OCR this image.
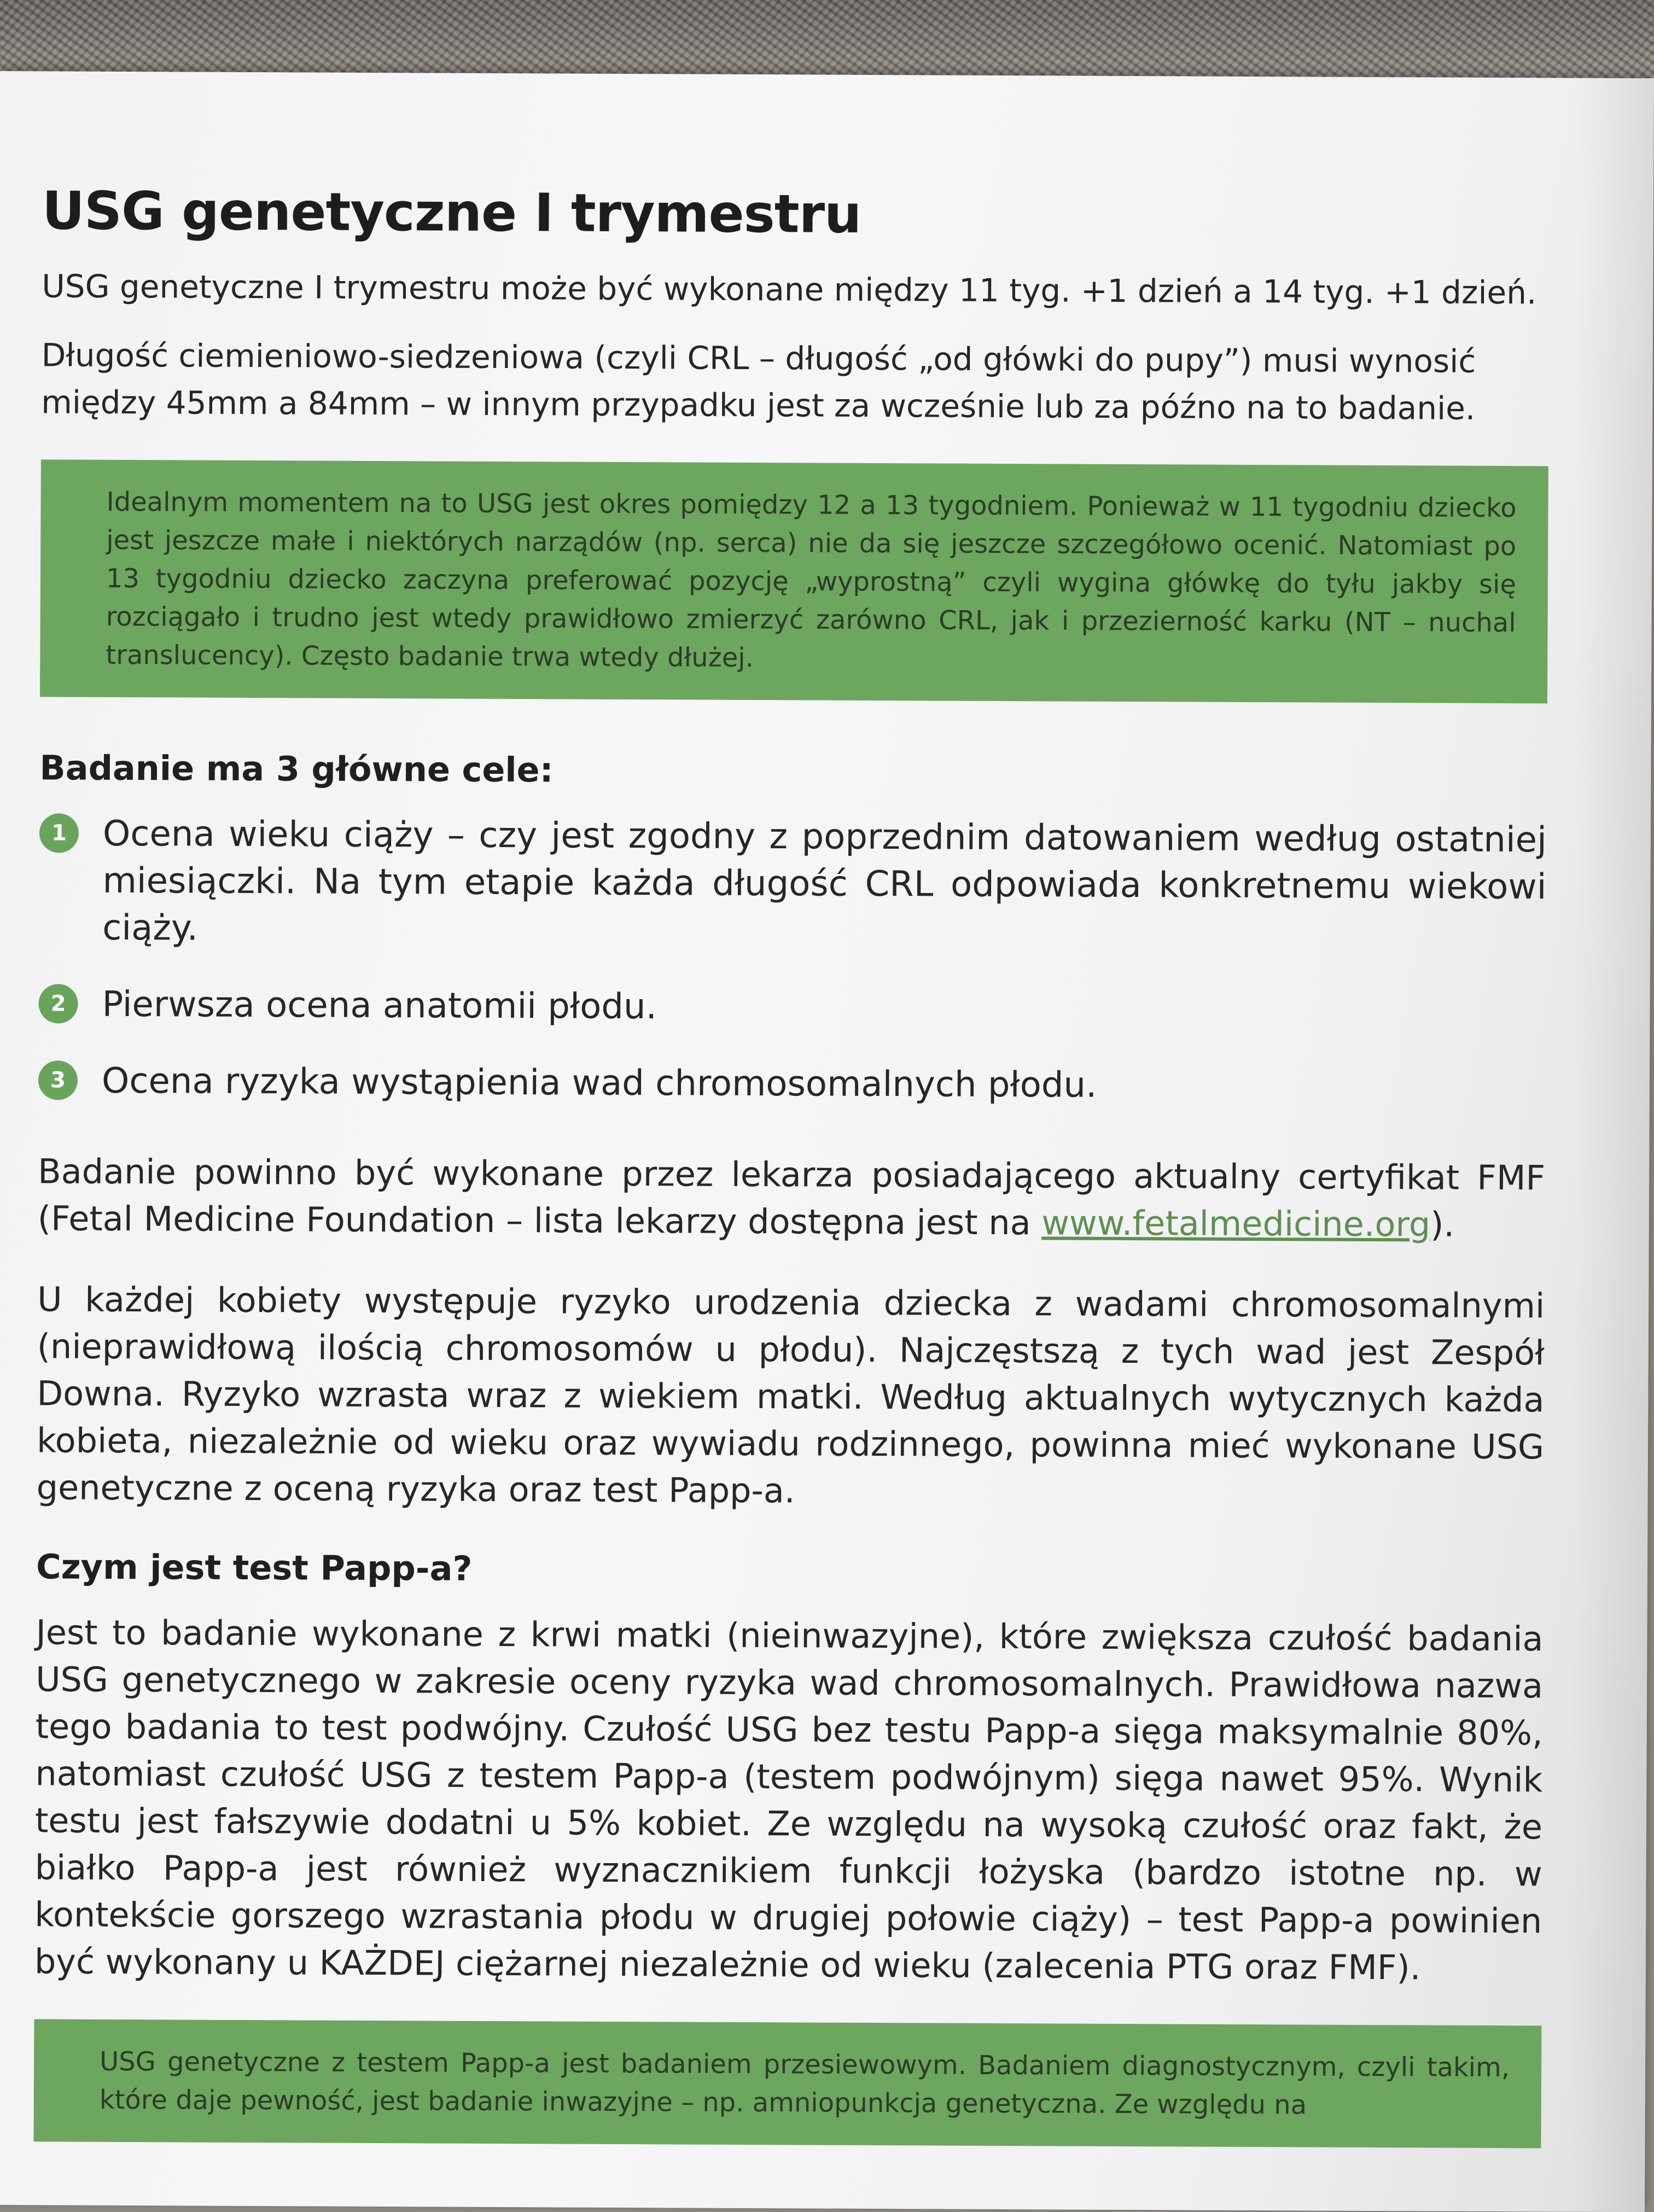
USG genetyczne I trymestru

USG genetyczne I trymestru może być wykonane między 11 tyg. +1 dzień a 14 tyg. +1 dzień.

Długość ciemieniowo-siedzeniowa (czyli CRL – długość „od główki do pupy”) musi wynosić między 45mm a 84mm – w innym przypadku jest za wcześnie lub za późno na to badanie.

Idealnym momentem na to USG jest okres pomiędzy 12 a 13 tygodniem. Ponieważ w 11 tygodniu dziecko jest jeszcze małe i niektórych narządów (np. serca) nie da się jeszcze szczegółowo ocenić. Natomiast po 13 tygodniu dziecko zaczyna preferować pozycję „wyprostną” czyli wygina główkę do tyłu jakby się rozciągało i trudno jest wtedy prawidłowo zmierzyć zarówno CRL, jak i przezierność karku (NT – nuchal translucency). Często badanie trwa wtedy dłużej.

Badanie ma 3 główne cele:
1	Ocena wieku ciąży – czy jest zgodny z poprzednim datowaniem według ostatniej miesiączki. Na tym etapie każda długość CRL odpowiada konkretnemu wiekowi ciąży.
2	Pierwsza ocena anatomii płodu.
3	Ocena ryzyka wystąpienia wad chromosomalnych płodu.

Badanie powinno być wykonane przez lekarza posiadającego aktualny certyfikat FMF (Fetal Medicine Foundation – lista lekarzy dostępna jest na www.fetalmedicine.org).

U każdej kobiety występuje ryzyko urodzenia dziecka z wadami chromosomalnymi (nieprawidłową ilością chromosomów u płodu). Najczęstszą z tych wad jest Zespół Downa. Ryzyko wzrasta wraz z wiekiem matki. Według aktualnych wytycznych każda kobieta, niezależnie od wieku oraz wywiadu rodzinnego, powinna mieć wykonane USG genetyczne z oceną ryzyka oraz test Papp-a.

Czym jest test Papp-a?

Jest to badanie wykonane z krwi matki (nieinwazyjne), które zwiększa czułość badania USG genetycznego w zakresie oceny ryzyka wad chromosomalnych. Prawidłowa nazwa tego badania to test podwójny. Czułość USG bez testu Papp-a sięga maksymalnie 80%, natomiast czułość USG z testem Papp-a (testem podwójnym) sięga nawet 95%. Wynik testu jest fałszywie dodatni u 5% kobiet. Ze względu na wysoką czułość oraz fakt, że białko Papp-a jest również wyznacznikiem funkcji łożyska (bardzo istotne np. w kontekście gorszego wzrastania płodu w drugiej połowie ciąży) – test Papp-a powinien być wykonany u KAŻDEJ ciężarnej niezależnie od wieku (zalecenia PTG oraz FMF).

USG genetyczne z testem Papp-a jest badaniem przesiewowym. Badaniem diagnostycznym, czyli takim, które daje pewność, jest badanie inwazyjne – np. amniopunkcja genetyczna. Ze względu na
